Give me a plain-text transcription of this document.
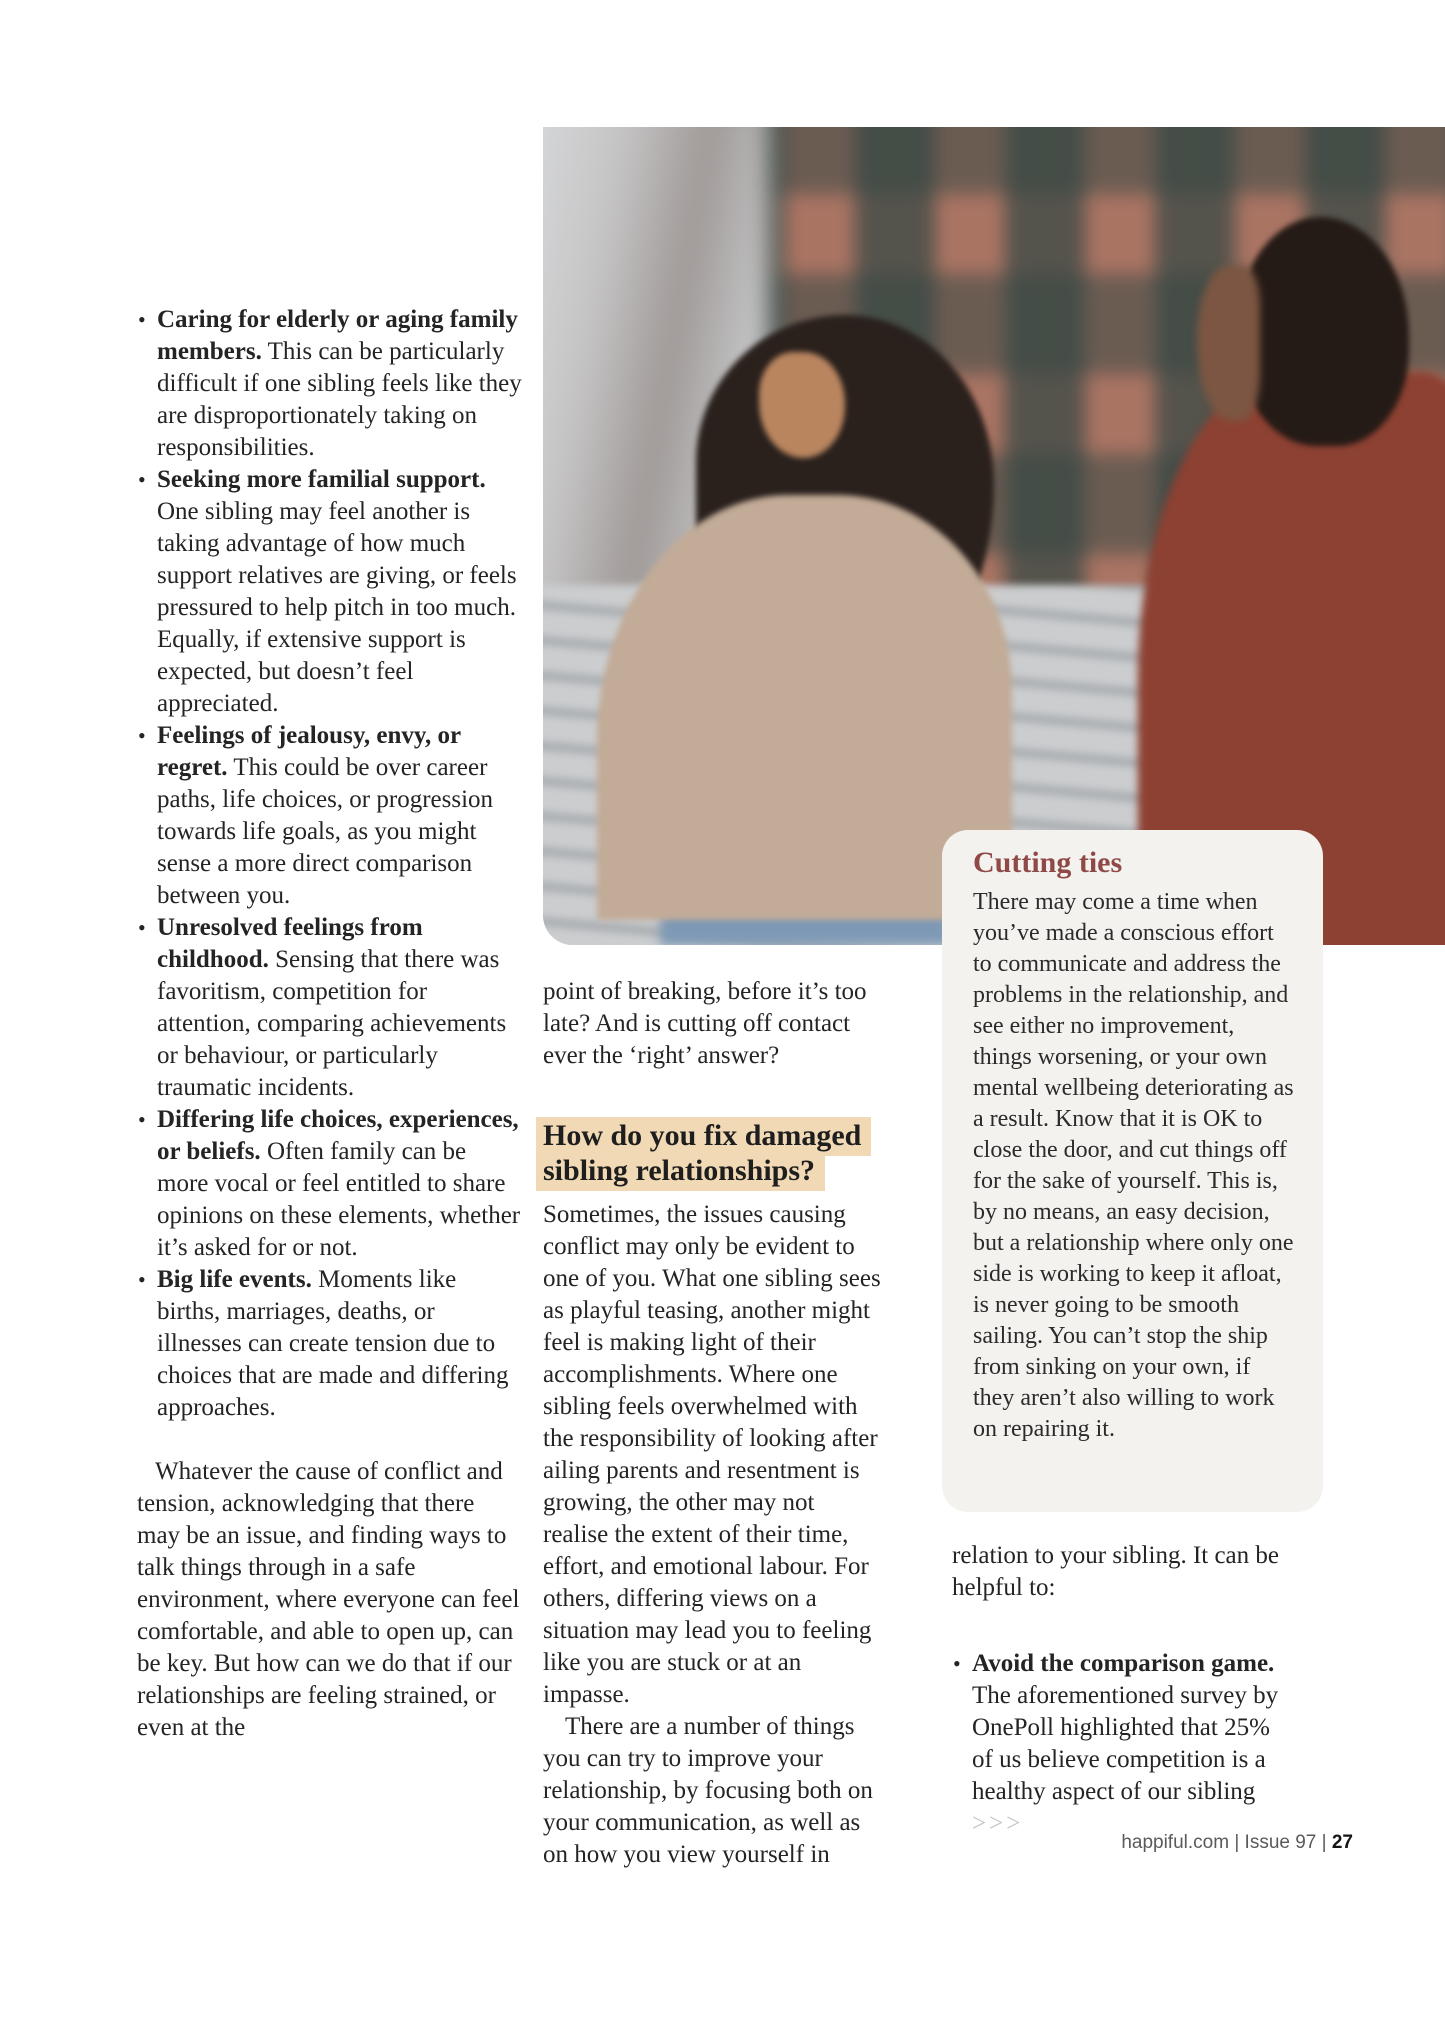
• Caring for elderly or aging family members. This can be particularly difficult if one sibling feels like they are disproportionately taking on responsibilities.
• Seeking more familial support. One sibling may feel another is taking advantage of how much support relatives are giving, or feels pressured to help pitch in too much. Equally, if extensive support is expected, but doesn’t feel appreciated.
• Feelings of jealousy, envy, or regret. This could be over career paths, life choices, or progression towards life goals, as you might sense a more direct comparison between you.
• Unresolved feelings from childhood. Sensing that there was favoritism, competition for attention, comparing achievements or behaviour, or particularly traumatic incidents.
• Differing life choices, experiences, or beliefs. Often family can be more vocal or feel entitled to share opinions on these elements, whether it’s asked for or not.
• Big life events. Moments like births, marriages, deaths, or illnesses can create tension due to choices that are made and differing approaches.
Whatever the cause of conflict and tension, acknowledging that there may be an issue, and finding ways to talk things through in a safe environment, where everyone can feel comfortable, and able to open up, can be key. But how can we do that if our relationships are feeling strained, or even at the
point of breaking, before it’s too late? And is cutting off contact ever the ‘right’ answer?
How do you fix damaged sibling relationships?
Sometimes, the issues causing conflict may only be evident to one of you. What one sibling sees as playful teasing, another might feel is making light of their accomplishments. Where one sibling feels overwhelmed with the responsibility of looking after ailing parents and resentment is growing, the other may not realise the extent of their time, effort, and emotional labour. For others, differing views on a situation may lead you to feeling like you are stuck or at an impasse.
There are a number of things you can try to improve your relationship, by focusing both on your communication, as well as on how you view yourself in
Cutting ties
There may come a time when you’ve made a conscious effort to communicate and address the problems in the relationship, and see either no improvement, things worsening, or your own mental wellbeing deteriorating as a result. Know that it is OK to close the door, and cut things off for the sake of yourself. This is, by no means, an easy decision, but a relationship where only one side is working to keep it afloat, is never going to be smooth sailing. You can’t stop the ship from sinking on your own, if they aren’t also willing to work on repairing it.
relation to your sibling. It can be helpful to:
• Avoid the comparison game. The aforementioned survey by OnePoll highlighted that 25% of us believe competition is a healthy aspect of our sibling >>>
happiful.com | Issue 97 | 27
